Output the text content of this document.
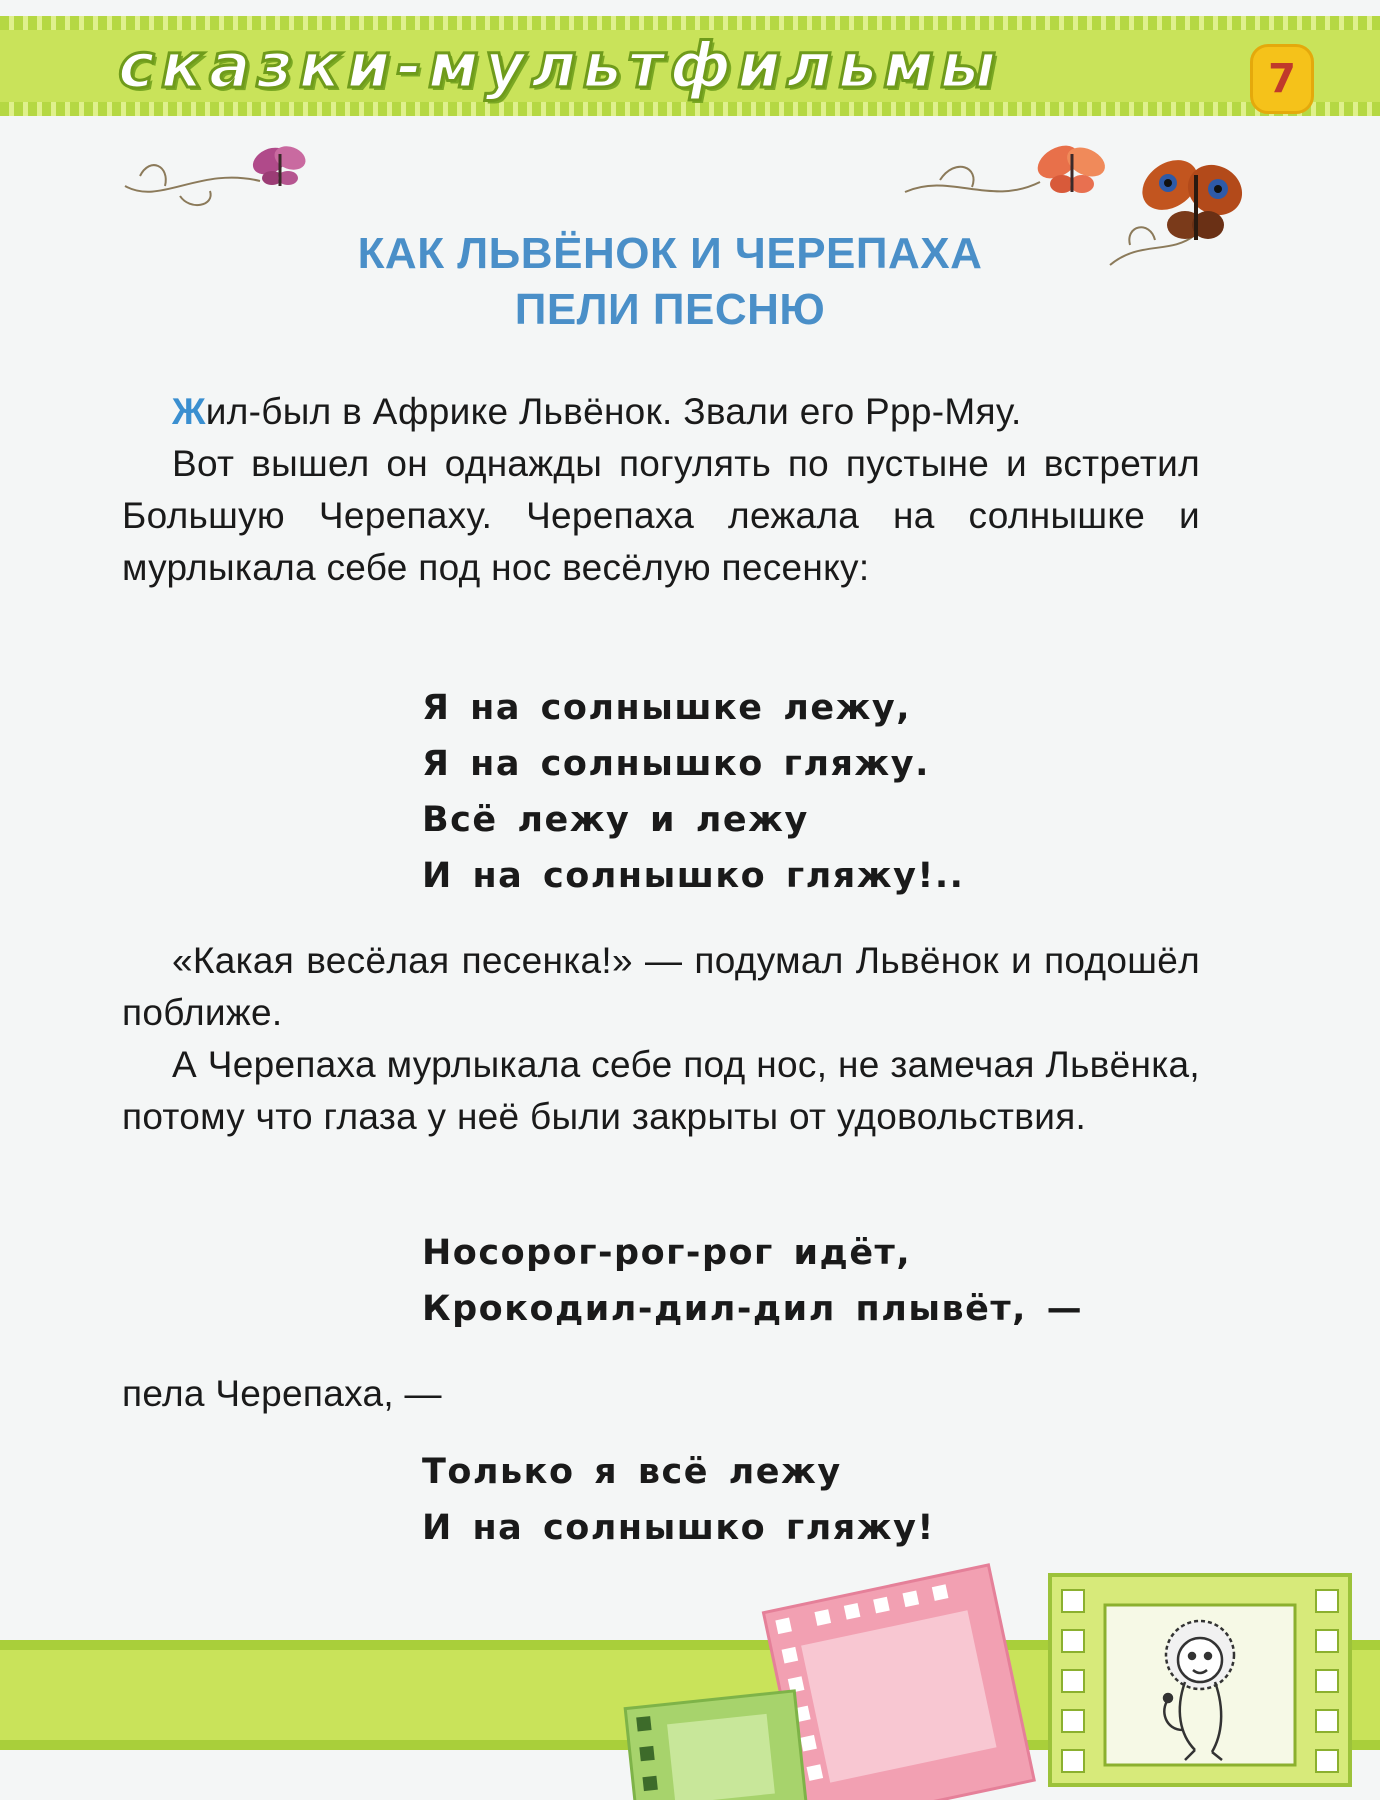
сказки-мультфильмы	7
КАК ЛЬВЁНОК И ЧЕРЕПАХА
ПЕЛИ ПЕСНЮ

Жил-был в Африке Львёнок. Звали его Ррр-Мяу.

Вот вышел он однажды погулять по пустыне и встретил Большую Черепаху. Черепаха лежала на солнышке и мурлыкала себе под нос весёлую песенку:

Я на солнышке лежу,
Я на солнышко гляжу.
Всё лежу и лежу
И на солнышко гляжу!..

«Какая весёлая песенка!» — подумал Львёнок и подошёл поближе.

А Черепаха мурлыкала себе под нос, не замечая Львёнка, потому что глаза у неё были закрыты от удовольствия.

Носорог-рог-рог идёт,
Крокодил-дил-дил плывёт, —

пела Черепаха, —

Только я всё лежу
И на солнышко гляжу!
